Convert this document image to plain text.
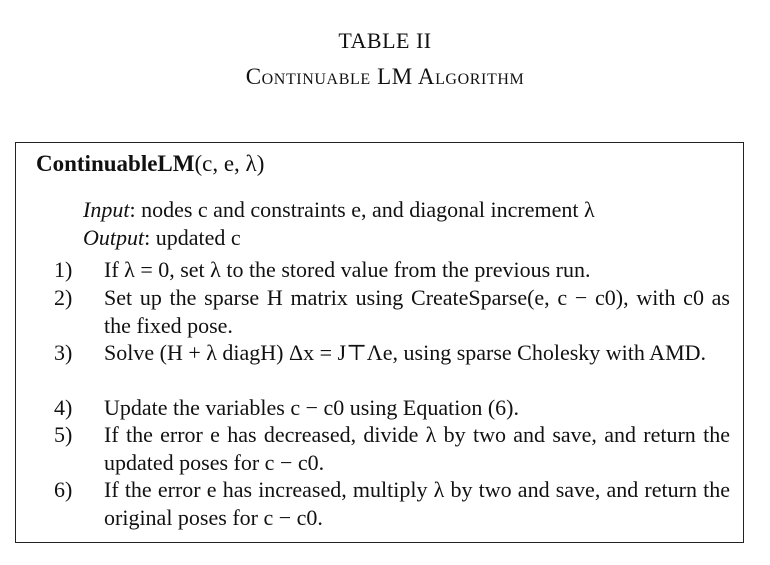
TABLE II
Continuable LM Algorithm
ContinuableLM(c, e, λ)
Input: nodes c and constraints e, and diagonal increment λ
Output: updated c
1)	If λ = 0, set λ to the stored value from the previous run.
2)	Set up the sparse H matrix using CreateSparse(e, c − c0), with c0 as the fixed pose.
3)	Solve (H + λ diagH) Δx = J⊤Λe, using sparse Cholesky with AMD.
4)	Update the variables c − c0 using Equation (6).
5)	If the error e has decreased, divide λ by two and save, and return the updated poses for c − c0.
6)	If the error e has increased, multiply λ by two and save, and return the original poses for c − c0.
